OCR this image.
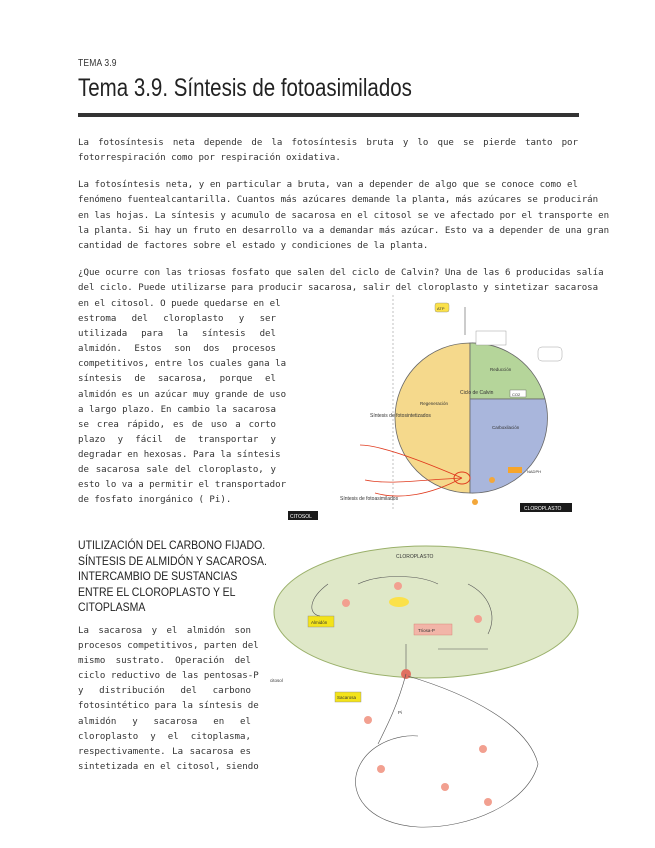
TEMA 3.9
Tema 3.9. Síntesis de fotoasimilados
La fotosíntesis neta depende de la fotosíntesis bruta y lo que se pierde tanto por
fotorrespiración como por respiración oxidativa.
La fotosíntesis neta, y en particular a bruta, van a depender de algo que se conoce como el
fenómeno fuentealcantarilla. Cuantos más azúcares demande la planta, más azúcares se producirán
en las hojas. La síntesis y acumulo de sacarosa en el citosol se ve afectado por el transporte en
la planta. Si hay un fruto en desarrollo va a demandar más azúcar. Esto va a depender de una gran
cantidad de factores sobre el estado y condiciones de la planta.
¿Que ocurre con las triosas fosfato que salen del ciclo de Calvin? Una de las 6 producidas salía
del ciclo. Puede utilizarse para producir sacarosa, salir del cloroplasto y sintetizar sacarosa
en el citosol. O puede quedarse en el
estroma del cloroplasto y ser
utilizada para la síntesis del
almidón. Estos son dos procesos
competitivos, entre los cuales gana la
síntesis de sacarosa, porque el
almidón es un azúcar muy grande de uso
a largo plazo. En cambio la sacarosa
se crea rápido, es de uso a corto
plazo y fácil de transportar y
degradar en hexosas. Para la síntesis
de sacarosa sale del cloroplasto, y
esto lo va a permitir el transportador
de fosfato inorgánico ( Pi).
UTILIZACIÓN DEL CARBONO FIJADO.
SÍNTESIS DE ALMIDÓN Y SACAROSA.
INTERCAMBIO DE SUSTANCIAS
ENTRE EL CLOROPLASTO Y EL
CITOPLASMA
La sacarosa y el almidón son
procesos competitivos, parten del
mismo sustrato. Operación del
ciclo reductivo de las pentosas-P
y distribución del carbono
fotosintético para la síntesis de
almidón y sacarosa en el
cloroplasto y el citoplasma,
respectivamente. La sacarosa es
sintetizada en el citosol, siendo
Ciclo de Calvin
Regeneración
Reducción
Carboxilación
ATP
CO2
NADPH
Síntesis de fotosintetizados
Síntesis de fotoasimilados
CITOSOL
CLOROPLASTO
CLOROPLASTO
Almidón
Triosa-P
citosol
Sacarosa
Pi
